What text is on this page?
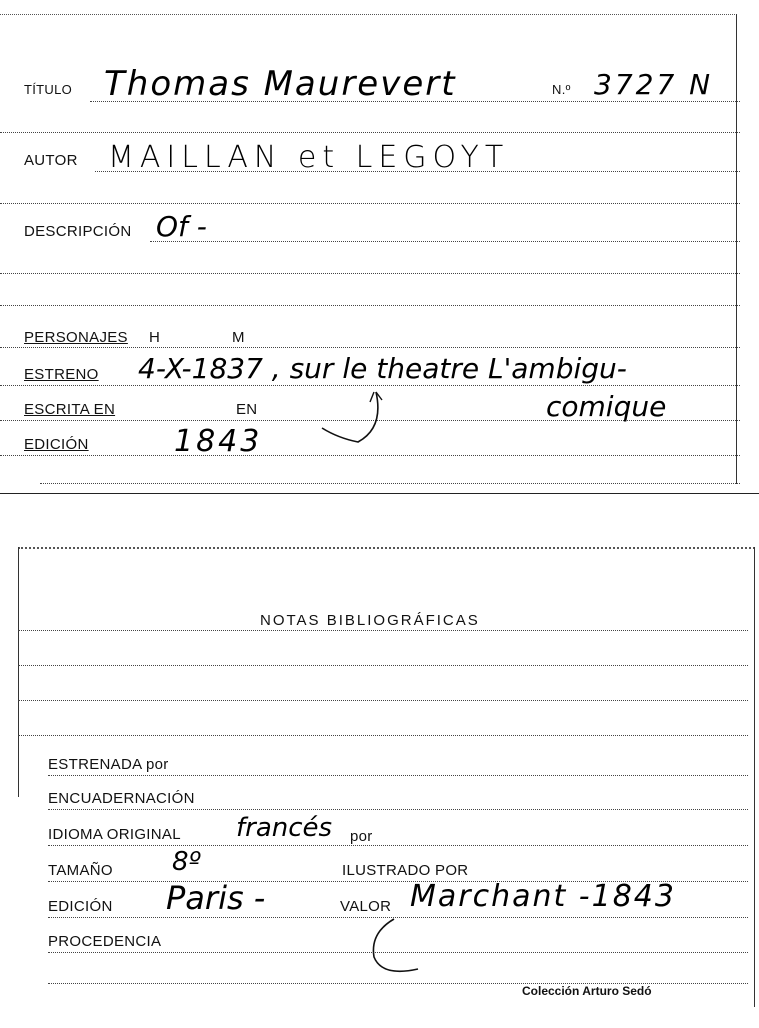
TÍTULO Thomas Maurevert	N.º 3727 N
AUTOR MAILLAN et LEGOYT
DESCRIPCIÓN Of -
PERSONAJES H	M
ESTRENO 4-X-1837 , sur le theatre L'ambigu-
ESCRITA EN	EN	comique
EDICIÓN	1843
NOTAS BIBLIOGRÁFICAS
ESTRENADA por
ENCUADERNACIÓN
IDIOMA ORIGINAL francés por
TAMAÑO 8º	ILUSTRADO POR
EDICIÓN Paris -	VALOR Marchant -1843
PROCEDENCIA
Colección Arturo Sedó
